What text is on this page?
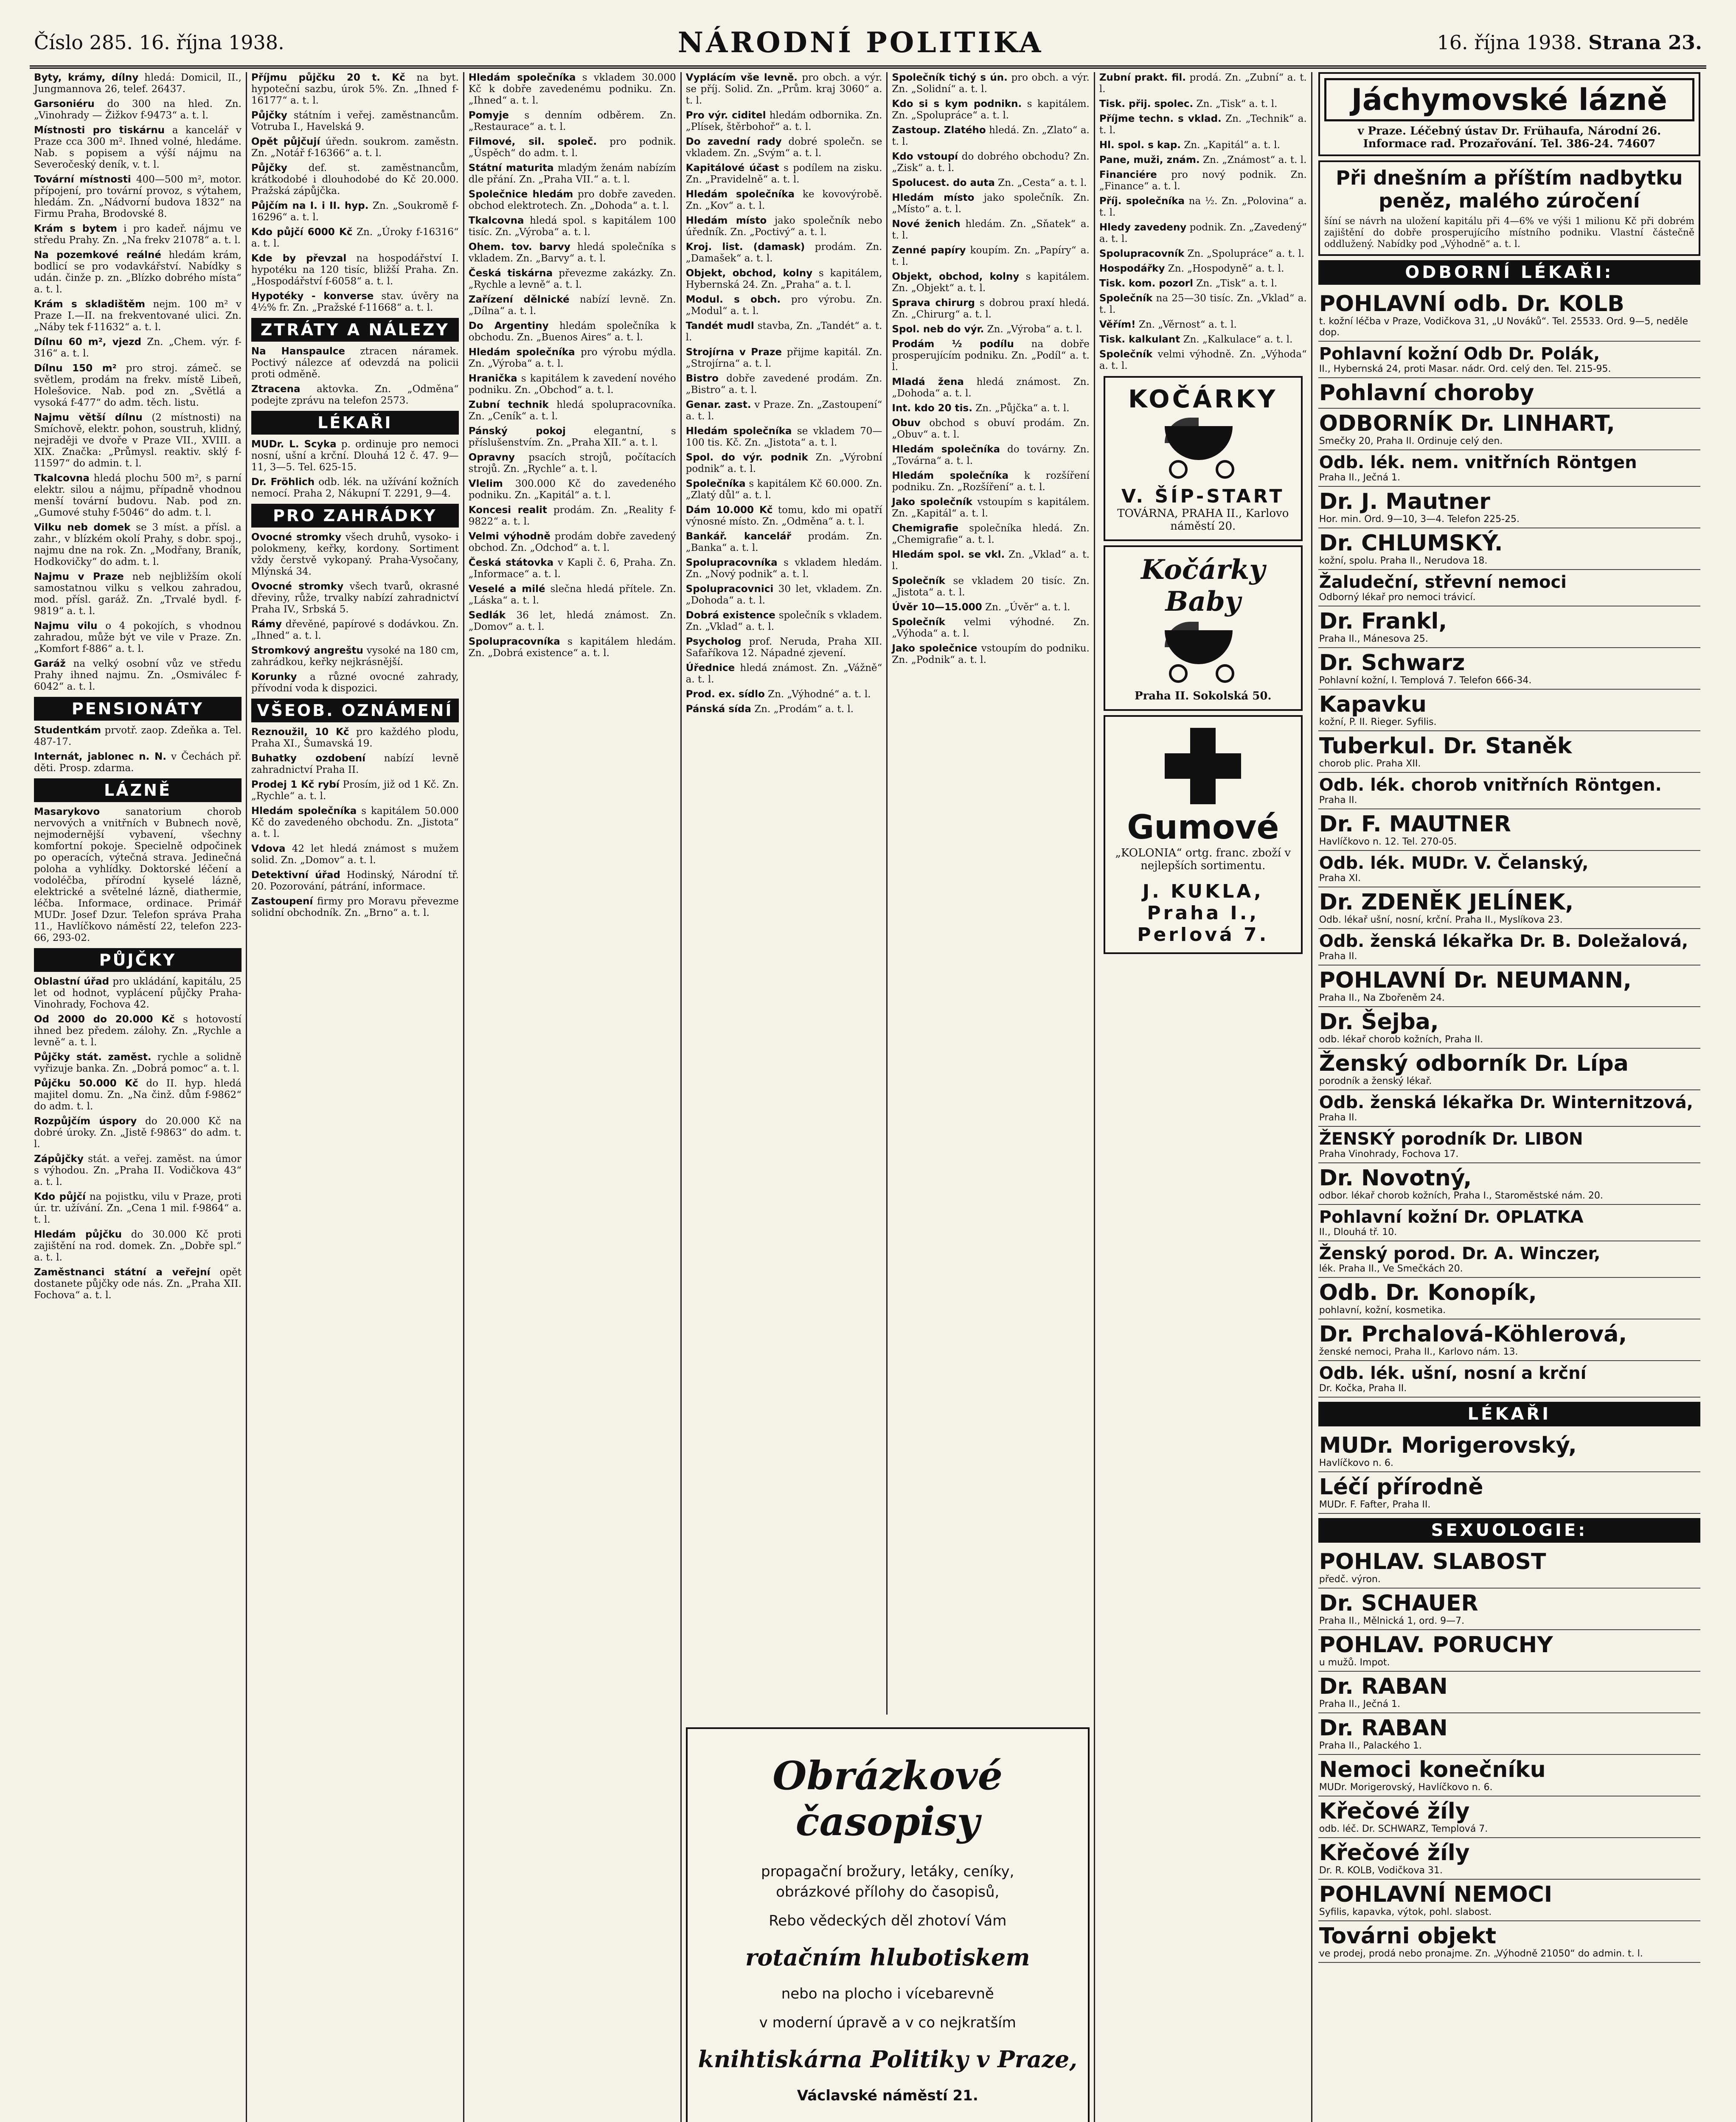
Číslo 285. 16. října 1938.	NÁRODNÍ POLITIKA	16. října 1938. Strana 23.
Byty, krámy, dílny hledá: Domicil, II., Jungmannova 26, telef. 26437.
Garsoniéru do 300 na hled. Zn. „Vinohrady — Žižkov f-9473“ a. t. l.
Místnosti pro tiskárnu a kancelář v Praze cca 300 m². Ihned volné, hledáme. Nab. s popisem a výší nájmu na Severočeský deník, v. t. l.
Tovární místnosti 400—500 m², motor. přípojení, pro tovární provoz, s výtahem, hledám. Zn. „Nádvorní budova 1832“ na Firmu Praha, Brodovské 8.
Krám s bytem i pro kadeř. nájmu ve středu Prahy. Zn. „Na frekv 21078“ a. t. l.
Na pozemkové reálné hledám krám, bodlicí se pro vodavkářství. Nabídky s udán. činže p. zn. „Blízko dobrého místa“ a. t. l.
Krám s skladištěm nejm. 100 m² v Praze I.—II. na frekventované ulici. Zn. „Náby tek f-11632“ a. t. l.
Dílnu 60 m², vjezd Zn. „Chem. výr. f-316“ a. t. l.
Dílnu 150 m² pro stroj. zámeč. se světlem, prodám na frekv. místě Libeň, Holešovice. Nab. pod zn. „Světlá a vysoká f-477“ do adm. těch. listu.
Najmu větší dílnu (2 místnosti) na Smíchově, elektr. pohon, soustruh, klidný, nejraději ve dvoře v Praze VII., XVIII. a XIX. Značka: „Průmysl. reaktiv. sklý f-11597“ do admin. t. l.
Tkalcovna hledá plochu 500 m², s parní elektr. silou a nájmu, případně vhodnou menší tovární budovu. Nab. pod zn. „Gumové stuhy f-5046“ do adm. t. l.
Vilku neb domek se 3 míst. a přísl. a zahr., v blízkém okolí Prahy, s dobr. spoj., najmu dne na rok. Zn. „Modřany, Braník, Hodkovičky“ do adm. t. l.
Najmu v Praze neb nejbližším okolí samostatnou vilku s velkou zahradou, mod. přísl. garáž. Zn. „Trvalé bydl. f-9819“ a. t. l.
Najmu vilu o 4 pokojích, s vhodnou zahradou, může být ve vile v Praze. Zn. „Komfort f-886“ a. t. l.
Garáž na velký osobní vůz ve středu Prahy ihned najmu. Zn. „Osmiválec f-6042“ a. t. l.
PENSIONÁTY
Studentkám prvotř. zaop. Zdeňka a. Tel. 487-17.
Internát, jablonec n. N. v Čechách př. děti. Prosp. zdarma.
LÁZNĚ
Masarykovo	sanatorium chorob nervových a vnitřních v Bubnech nově, nejmodernější vybavení, všechny komfortní pokoje. Specielně odpočinek po operacích, výtečná strava. Jedinečná poloha a vyhlídky. Doktorské léčení a vodoléčba, přírodní kyselé lázně, elektrické a světelné lázně, diathermie, léčba. Informace, ordinace. Primář MUDr. Josef Dzur. Telefon správa Praha 11., Havlíčkovo náměstí 22, telefon 223-66, 293-02.
PŮJČKY
Oblastní úřad pro ukládání, kapitálu, 25 let od hodnot, vyplácení půjčky Praha-Vinohrady, Fochova 42.
Od 2000 do 20.000 Kč s hotovostí ihned bez předem. zálohy. Zn. „Rychle a levně“ a. t. l.
Půjčky stát. zaměst. rychle a solidně vyřizuje banka. Zn. „Dobrá pomoc“ a. t. l.
Půjčku 50.000 Kč do II. hyp. hledá majitel domu. Zn. „Na činž. dům f-9862“ do adm. t. l.
Rozpůjčím úspory do 20.000 Kč na dobré úroky. Zn. „Jistě f-9863“ do adm. t. l.
Zápůjčky stát. a veřej. zaměst. na úmor s výhodou. Zn. „Praha II. Vodičkova 43“ a. t. l.
Kdo půjčí na pojistku, vilu v Praze, proti úr. tr. užívání. Zn. „Cena 1 mil. f-9864“ a. t. l.
Hledám půjčku do 30.000 Kč proti zajištění na rod. domek. Zn. „Dobře spl.“ a. t. l.
Zaměstnanci státní a veřejní opět dostanete půjčky ode nás. Zn. „Praha XII. Fochova“ a. t. l.
Příjmu půjčku 20 t. Kč na byt. hypoteční sazbu, úrok 5%. Zn. „Ihned f-16177“ a. t. l.
Půjčky státním i veřej. zaměstnancům. Votruba I., Havelská 9.
Opět půjčují úředn. soukrom. zaměstn. Zn. „Notář f-16366“ a. t. l.
Půjčky def. st. zaměstnancům, krátkodobé i dlouhodobé do Kč 20.000. Pražská zápůjčka.
Půjčím na I. i II. hyp. Zn. „Soukromě f-16296“ a. t. l.
Kdo půjčí 6000 Kč Zn. „Úroky f-16316“ a. t. l.
Kde by převzal na hospodářství I. hypotéku na 120 tisíc, bližší Praha. Zn. „Hospodářství f-6058“ a. t. l.
Hypotéky - konverse stav. úvěry na 4½% fr. Zn. „Pražské f-11668“ a. t. l.
ZTRÁTY A NÁLEZY
Na Hanspaulce ztracen náramek. Poctivý nálezce ať odevzdá na policii proti odměně.
Ztracena aktovka. Zn. „Odměna“ podejte zprávu na telefon 2573.
LÉKAŘI
MUDr. L. Scyka p. ordinuje pro nemoci nosní, ušní a krční. Dlouhá 12 č. 47. 9—11, 3—5. Tel. 625-15.
Dr. Fröhlich odb. lék. na užívání kožních nemocí. Praha 2, Nákupní T. 2291, 9—4.
PRO ZAHRÁDKY
Ovocné stromky všech druhů, vysoko- i polokmeny, keřky, kordony. Sortiment vždy čerstvě vykopaný. Praha-Vysočany, Mlýnská 34.
Ovocné stromky všech tvarů, okrasné dřeviny, růže, trvalky nabízí zahradnictví Praha IV., Srbská 5.
Rámy dřevěné, papírové s dodávkou. Zn. „Ihned“ a. t. l.
Stromkový angreštu vysoké na 180 cm, zahrádkou, keřky nejkrásnější.
Korunky a různé ovocné zahrady, přívodní voda k dispozici.
VŠEOB. OZNÁMENÍ
Reznoužil, 10 Kč pro každého plodu, Praha XI., Šumavská 19.
Buhatky ozdobení nabízí levně zahradnictví Praha II.
Prodej 1 Kč rybí Prosím, již od 1 Kč. Zn. „Rychle“ a. t. l.
Hledám společníka s kapitálem 50.000 Kč do zavedeného obchodu. Zn. „Jistota“ a. t. l.
Vdova 42 let hledá známost s mužem solid. Zn. „Domov“ a. t. l.
Detektivní úřad Hodinský, Národní tř. 20. Pozorování, pátrání, informace.
Zastoupení firmy pro Moravu převezme solidní obchodník. Zn. „Brno“ a. t. l.
Hledám společníka s vkladem 30.000 Kč k dobře zavedenému podniku. Zn. „Ihned“ a. t. l.
Pomyje s denním odběrem. Zn. „Restaurace“ a. t. l.
Filmové, sil. společ. pro podnik. „Úspěch“ do adm. t. l.
Státní maturita mladým ženám nabízím dle přání. Zn. „Praha VII.“ a. t. l.
Společnice hledám pro dobře zaveden. obchod elektrotech. Zn. „Dohoda“ a. t. l.
Tkalcovna hledá spol. s kapitálem 100 tisíc. Zn. „Výroba“ a. t. l.
Ohem. tov. barvy hledá společníka s vkladem. Zn. „Barvy“ a. t. l.
Česká tiskárna převezme zakázky. Zn. „Rychle a levně“ a. t. l.
Zařízení dělnické nabízí levně. Zn. „Dílna“ a. t. l.
Do Argentiny hledám společníka k obchodu. Zn. „Buenos Aires“ a. t. l.
Hledám společníka pro výrobu mýdla. Zn. „Výroba“ a. t. l.
Hranička s kapitálem k zavedení nového podniku. Zn. „Obchod“ a. t. l.
Zubní technik hledá spolupracovníka. Zn. „Ceník“ a. t. l.
Pánský pokoj	elegantní, s příslušenstvím. Zn. „Praha XII.“ a. t. l.
Opravny psacích strojů, počítacích strojů. Zn. „Rychle“ a. t. l.
Vlelim 300.000 Kč do zavedeného podniku. Zn. „Kapitál“ a. t. l.
Koncesi realit prodám. Zn. „Reality f-9822“ a. t. l.
Velmi výhodně prodám dobře zavedený obchod. Zn. „Odchod“ a. t. l.
Česká státovka v Kapli č. 6, Praha. Zn. „Informace“ a. t. l.
Veselé a milé slečna hledá přítele. Zn. „Láska“ a. t. l.
Sedlák 36 let, hledá známost. Zn. „Domov“ a. t. l.
Spolupracovníka s kapitálem hledám. Zn. „Dobrá existence“ a. t. l.
Vyplácím vše levně. pro obch. a výr. se příj. Solid. Zn. „Prům. kraj 3060“ a. t. l.
Pro výr. ciditel hledám odbornika. Zn. „Plísek, štěrbohoř“ a. t. l.
Do zavední rady dobré společn. se vkladem. Zn. „Svým“ a. t. l.
Kapitálové účast s podílem na zisku. Zn. „Pravidelně“ a. t. l.
Hledám společníka ke kovovýrobě. Zn. „Kov“ a. t. l.
Hledám místo jako společník nebo úředník. Zn. „Poctivý“ a. t. l.
Kroj. list. (damask) prodám. Zn. „Damašek“ a. t. l.
Objekt, obchod, kolny s kapitálem, Hybernská 24. Zn. „Praha“ a. t. l.
Modul. s obch. pro výrobu. Zn. „Modul“ a. t. l.
Tandét mudl stavba, Zn. „Tandét“ a. t. l.
Strojírna v Praze přijme kapitál. Zn. „Strojírna“ a. t. l.
Bistro dobře zavedené prodám. Zn. „Bistro“ a. t. l.
Genar. zast. v Praze. Zn. „Zastoupení“ a. t. l.
Hledám společníka se vkladem 70—100 tis. Kč. Zn. „Jistota“ a. t. l.
Spol. do výr. podnik Zn. „Výrobní podnik“ a. t. l.
Společníka s kapitálem Kč 60.000. Zn. „Zlatý důl“ a. t. l.
Dám 10.000 Kč tomu, kdo mi opatří výnosné místo. Zn. „Odměna“ a. t. l.
Bankář. kancelář prodám. Zn. „Banka“ a. t. l.
Spolupracovníka s vkladem hledám. Zn. „Nový podnik“ a. t. l.
Spolupracovnici 30 let, vkladem. Zn. „Dohoda“ a. t. l.
Dobrá existence společník s vkladem. Zn. „Vklad“ a. t. l.
Psycholog prof. Neruda, Praha XII. Safaříkova 12. Nápadné zjevení.
Úřednice hledá známost. Zn. „Vážně“ a. t. l.
Prod. ex. sídlo Zn. „Výhodné“ a. t. l.
Pánská sída Zn. „Prodám“ a. t. l.
Společník tichý s ún. pro obch. a výr. Zn. „Solidní“ a. t. l.
Kdo si s kym podnikn. s kapitálem. Zn. „Spolupráce“ a. t. l.
Zastoup. Zlatého hledá. Zn. „Zlato“ a. t. l.
Kdo vstoupí do dobrého obchodu? Zn. „Zisk“ a. t. l.
Spolucest. do auta Zn. „Cesta“ a. t. l.
Hledám místo jako společník. Zn. „Místo“ a. t. l.
Nové ženich hledám. Zn. „Sňatek“ a. t. l.
Zenné papíry koupím. Zn. „Papíry“ a. t. l.
Objekt, obchod, kolny s kapitálem. Zn. „Objekt“ a. t. l.
Sprava chirurg s dobrou praxí hledá. Zn. „Chirurg“ a. t. l.
Spol. neb do výr. Zn. „Výroba“ a. t. l.
Prodám ½ podílu na dobře prosperujícím podniku. Zn. „Podíl“ a. t. l.
Mladá žena hledá známost. Zn. „Dohoda“ a. t. l.
Int. kdo 20 tis. Zn. „Půjčka“ a. t. l.
Obuv obchod s obuví prodám. Zn. „Obuv“ a. t. l.
Hledám společníka do továrny. Zn. „Továrna“ a. t. l.
Hledám společníka k rozšíření podniku. Zn. „Rozšíření“ a. t. l.
Jako společník vstoupím s kapitálem. Zn. „Kapitál“ a. t. l.
Chemigrafie společníka hledá. Zn. „Chemigrafie“ a. t. l.
Hledám spol. se vkl. Zn. „Vklad“ a. t. l.
Společník se vkladem 20 tisíc. Zn. „Jistota“ a. t. l.
Úvěr 10—15.000 Zn. „Úvěr“ a. t. l.
Společník velmi výhodné. Zn. „Výhoda“ a. t. l.
Jako společnice vstoupím do podniku. Zn. „Podnik“ a. t. l.
Obrázkové časopisy
propagační brožury, letáky, ceníky,
obrázkové přílohy do časopisů,
Rebo vědeckých děl zhotoví Vám
rotačním hlubotiskem
nebo na plocho i vícebarevně
v moderní úpravě a v co nejkratším
knihtiskárna Politiky v Praze,
Václavské náměstí 21.
Zubní prakt. fil. prodá. Zn. „Zubní“ a. t. l.
Tisk. přij. spolec. Zn. „Tisk“ a. t. l.
Příjme techn. s vklad. Zn. „Technik“ a. t. l.
Hl. spol. s kap. Zn. „Kapitál“ a. t. l.
Pane, muži, znám. Zn. „Známost“ a. t. l.
Financiére pro nový podnik. Zn. „Finance“ a. t. l.
Příj. společníka na ½. Zn. „Polovina“ a. t. l.
Hledy zavedeny podnik. Zn. „Zavedený“ a. t. l.
Spolupracovník Zn. „Spolupráce“ a. t. l.
Hospodářky Zn. „Hospodyně“ a. t. l.
Tisk. kom. pozorl Zn. „Tisk“ a. t. l.
Společník na 25—30 tisíc. Zn. „Vklad“ a. t. l.
Věřím! Zn. „Věrnost“ a. t. l.
Tisk. kalkulant Zn. „Kalkulace“ a. t. l.
Společník velmi výhodně. Zn. „Výhoda“ a. t. l.
KOČÁRKY
V. ŠÍP-START
TOVÁRNA, PRAHA II., Karlovo náměstí 20.
Kočárky Baby
Praha II. Sokolská 50.
Gumové
„KOLONIA“ ortg. franc. zboží v nejlepších sortimentu.
J. KUKLA, Praha I., Perlová 7.
Jáchymovské lázně
v Praze. Léčebný ústav Dr. Frühaufa, Národní 26. Informace rad. Prozařování. Tel. 386-24. 74607
Při dnešním a příštím nadbytku peněz, malého zúročení
šíní se návrh na uložení kapitálu při 4—6% ve výši 1 milionu Kč při dobrém zajištění do dobře prosperujícího místního podniku. Vlastní částečně oddlužený. Nabídky pod „Výhodně“ a. t. l.
ODBORNÍ LÉKAŘI:
POHLAVNÍ odb. Dr. KOLB
t. kožní léčba v Praze, Vodičkova 31, „U Nováků“. Tel. 25533. Ord. 9—5, neděle dop.
Pohlavní kožní Odb Dr. Polák,
II., Hybernská 24, proti Masar. nádr. Ord. celý den. Tel. 215-95.
Pohlavní choroby
ODBORNÍK Dr. LINHART,
Smečky 20, Praha II. Ordinuje celý den.
Odb. lék. nem. vnitřních Röntgen
Praha II., Ječná 1.
Dr. J. Mautner
Hor. min. Ord. 9—10, 3—4. Telefon 225-25.
Dr. CHLUMSKÝ.
kožní, spolu. Praha II., Nerudova 18.
Žaludeční, střevní nemoci
Odborný lékař pro nemoci trávicí.
Dr. Frankl,
Praha II., Mánesova 25.
Dr. Schwarz
Pohlavní kožní, I. Templová 7. Telefon 666-34.
Kapavku
kožní, P. II. Rieger. Syfilis.
Tuberkul. Dr. Staněk
chorob plic. Praha XII.
Odb. lék. chorob vnitřních Röntgen.
Praha II.
Dr. F. MAUTNER
Havlíčkovo n. 12. Tel. 270-05.
Odb. lék. MUDr. V. Čelanský,
Praha XI.
Dr. ZDENĚK JELÍNEK,
Odb. lékař ušní, nosní, krční. Praha II., Myslíkova 23.
Odb. ženská lékařka Dr. B. Doležalová,
Praha II.
POHLAVNÍ Dr. NEUMANN,
Praha II., Na Zbořeněm 24.
Dr. Šejba,
odb. lékař chorob kožních, Praha II.
Ženský odborník Dr. Lípa
porodník a ženský lékař.
Odb. ženská lékařka Dr. Winternitzová,
Praha II.
ŽENSKÝ porodník Dr. LIBON
Praha Vinohrady, Fochova 17.
Dr. Novotný,
odbor. lékař chorob kožních, Praha I., Staroměstské nám. 20.
Pohlavní kožní Dr. OPLATKA
II., Dlouhá tř. 10.
Ženský porod. Dr. A. Winczer,
lék. Praha II., Ve Smečkách 20.
Odb. Dr. Konopík,
pohlavní, kožní, kosmetika.
Dr. Prchalová-Köhlerová,
ženské nemoci, Praha II., Karlovo nám. 13.
Odb. lék. ušní, nosní a krční
Dr. Kočka, Praha II.
LÉKAŘI
MUDr. Morigerovský,
Havlíčkovo n. 6.
Léčí přírodně
MUDr. F. Fafter, Praha II.
SEXUOLOGIE:
POHLAV. SLABOST
předč. výron.
Dr. SCHAUER
Praha II., Mělnická 1, ord. 9—7.
POHLAV. PORUCHY
u mužů. Impot.
Dr. RABAN
Praha II., Ječná 1.
Dr. RABAN
Praha II., Palackého 1.
Nemoci konečníku
MUDr. Morigerovský, Havlíčkovo n. 6.
Křečové žíly
odb. léč. Dr. SCHWARZ, Templová 7.
Křečové žíly
Dr. R. KOLB, Vodičkova 31.
POHLAVNÍ NEMOCI
Syfilis, kapavka, výtok, pohl. slabost.
Továrni objekt
ve prodej, prodá nebo pronajme. Zn. „Výhodně 21050“ do admin. t. l.
